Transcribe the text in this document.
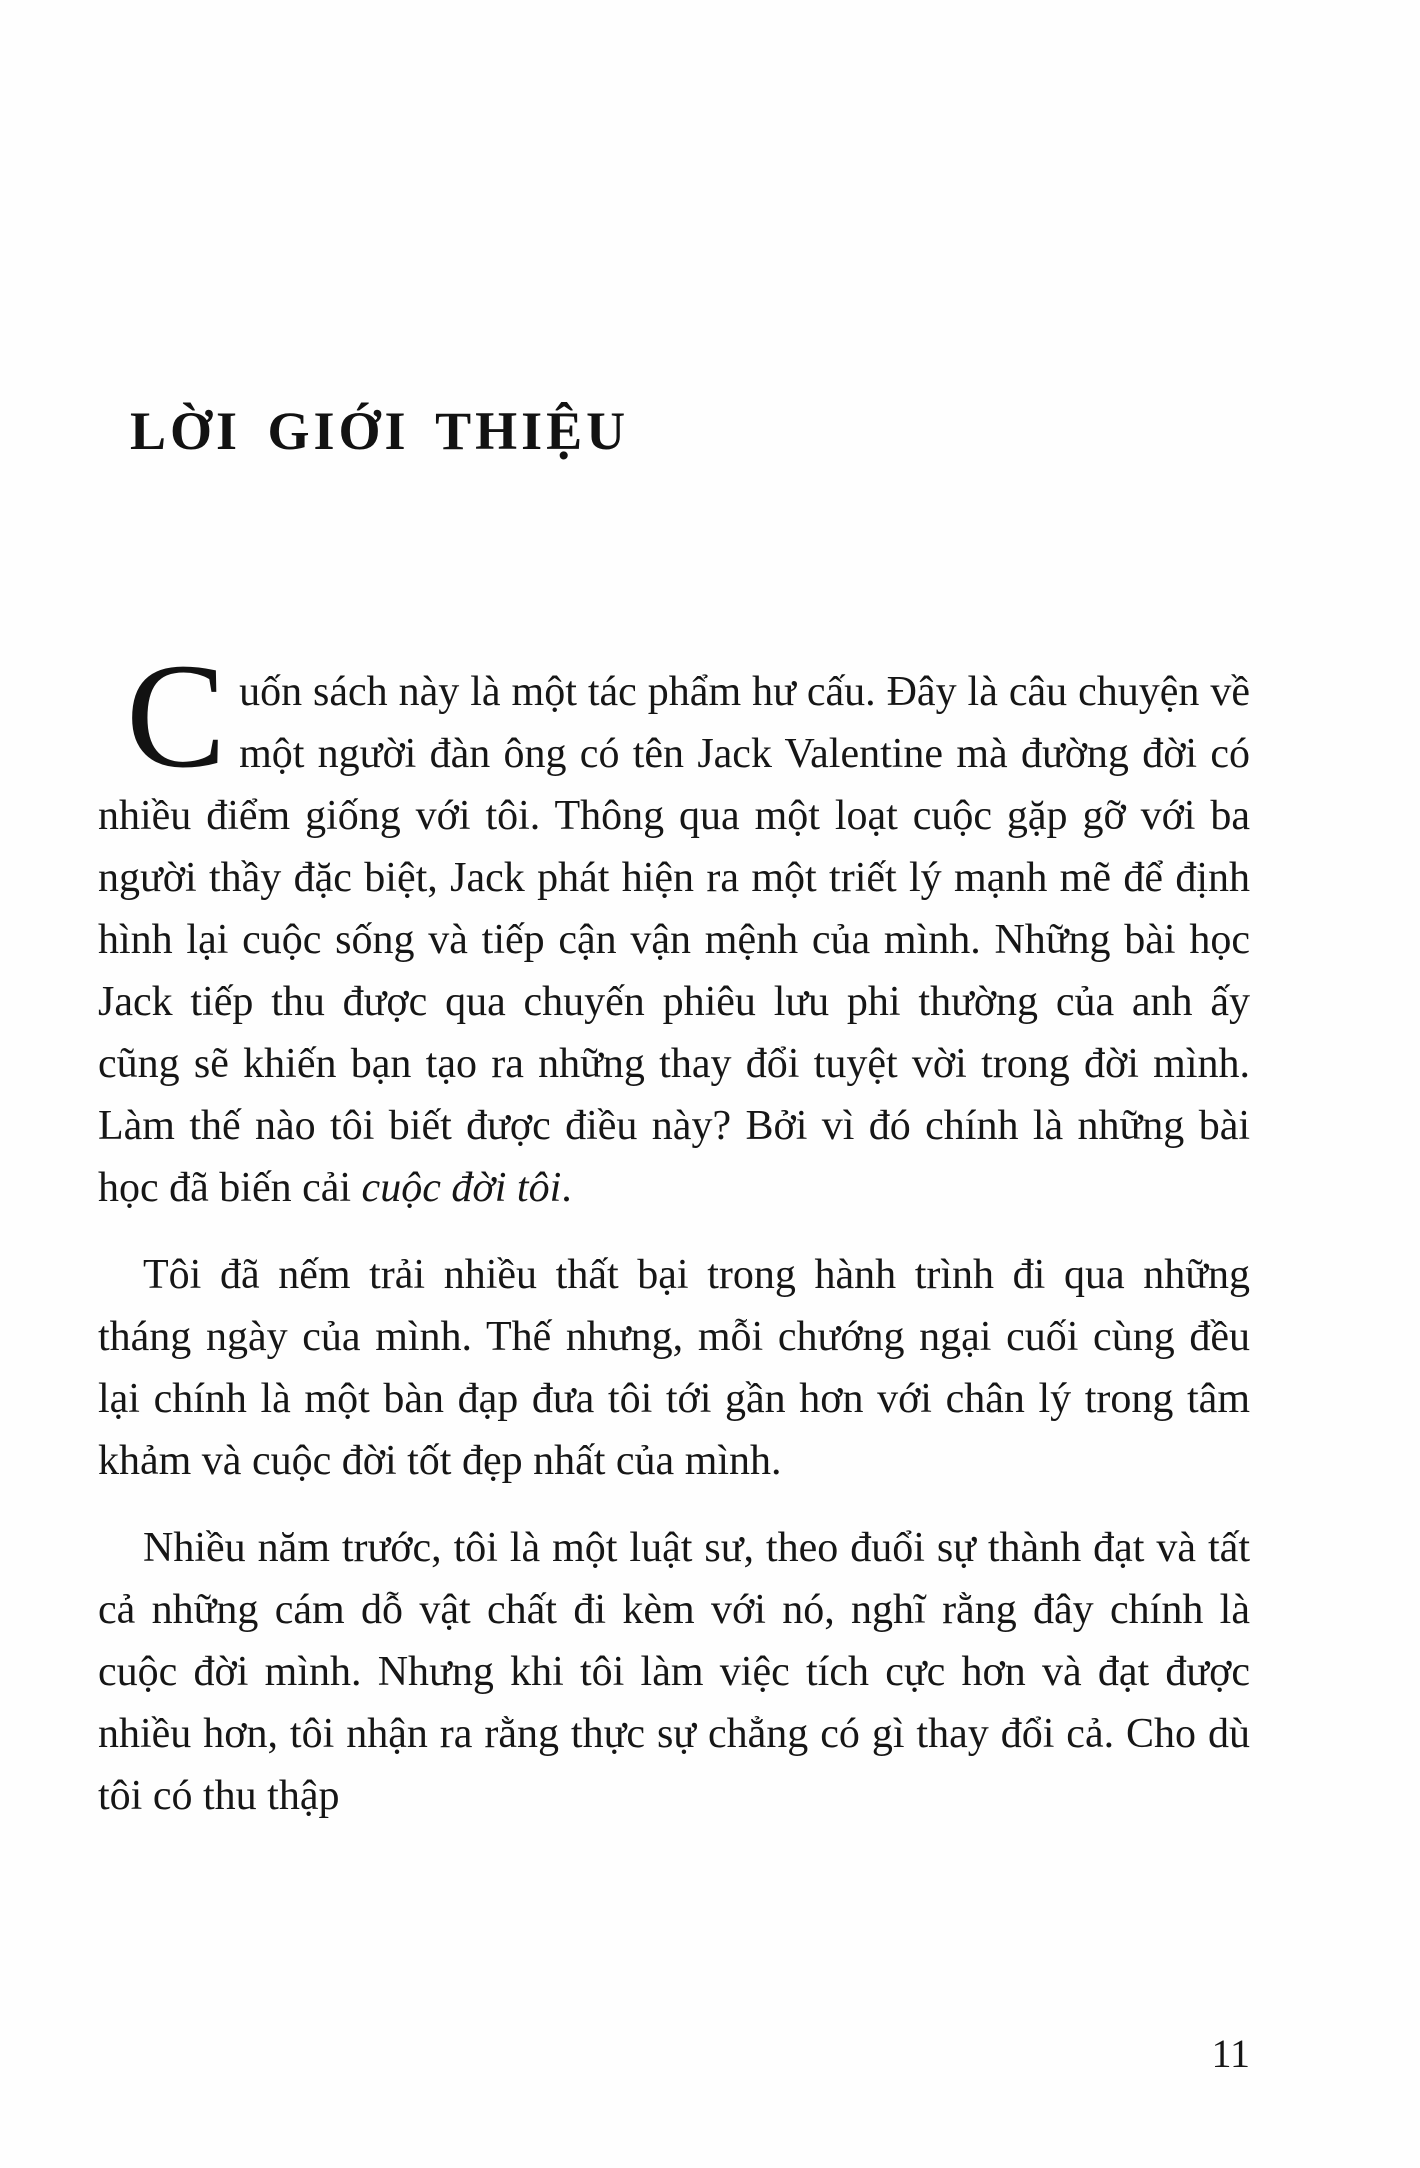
LỜI GIỚI THIỆU

Cuốn sách này là một tác phẩm hư cấu. Đây là câu chuyện về một người đàn ông có tên Jack Valentine mà đường đời có nhiều điểm giống với tôi. Thông qua một loạt cuộc gặp gỡ với ba người thầy đặc biệt, Jack phát hiện ra một triết lý mạnh mẽ để định hình lại cuộc sống và tiếp cận vận mệnh của mình. Những bài học Jack tiếp thu được qua chuyến phiêu lưu phi thường của anh ấy cũng sẽ khiến bạn tạo ra những thay đổi tuyệt vời trong đời mình. Làm thế nào tôi biết được điều này? Bởi vì đó chính là những bài học đã biến cải cuộc đời tôi.

Tôi đã nếm trải nhiều thất bại trong hành trình đi qua những tháng ngày của mình. Thế nhưng, mỗi chướng ngại cuối cùng đều lại chính là một bàn đạp đưa tôi tới gần hơn với chân lý trong tâm khảm và cuộc đời tốt đẹp nhất của mình.

Nhiều năm trước, tôi là một luật sư, theo đuổi sự thành đạt và tất cả những cám dỗ vật chất đi kèm với nó, nghĩ rằng đây chính là cuộc đời mình. Nhưng khi tôi làm việc tích cực hơn và đạt được nhiều hơn, tôi nhận ra rằng thực sự chẳng có gì thay đổi cả. Cho dù tôi có thu thập

11
